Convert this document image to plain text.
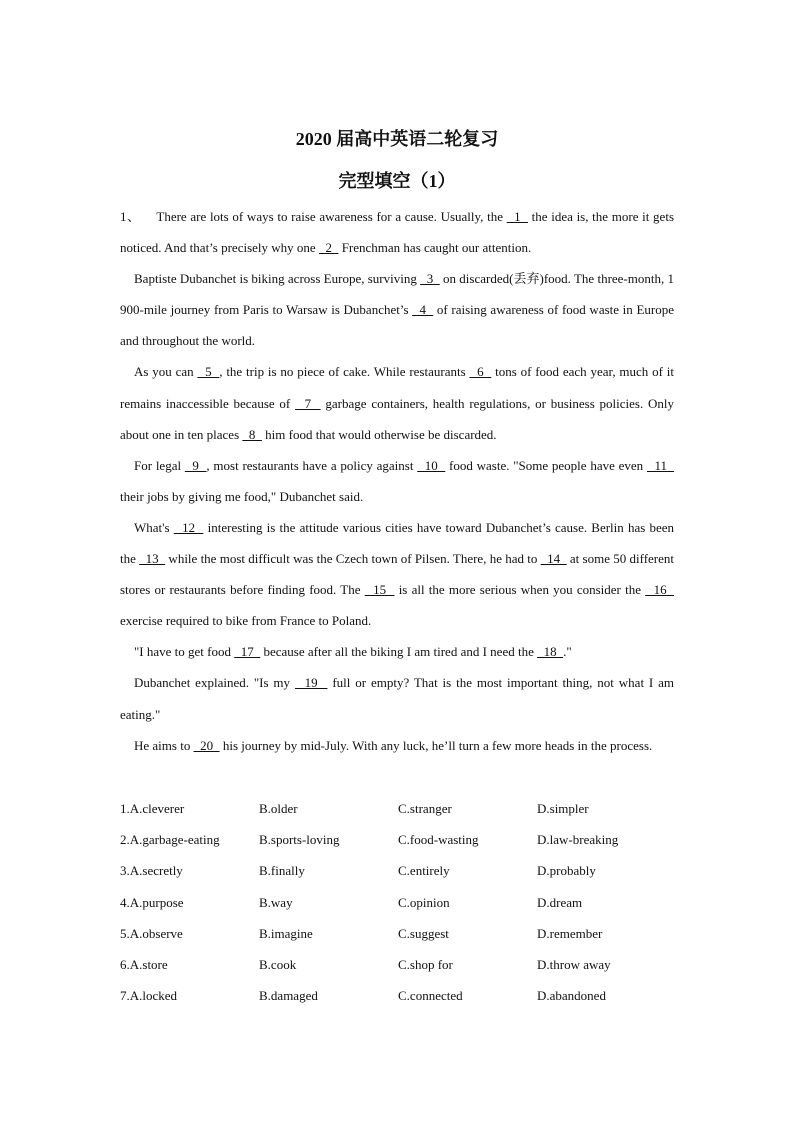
2020 届高中英语二轮复习
完型填空（1）

1、 There are lots of ways to raise awareness for a cause. Usually, the   1   the idea is, the more it gets noticed. And that’s precisely why one   2   Frenchman has caught our attention.

Baptiste Dubanchet is biking across Europe, surviving   3   on discarded(丢弃)food. The three-month, 1 900-mile journey from Paris to Warsaw is Dubanchet’s   4   of raising awareness of food waste in Europe and throughout the world.

As you can   5  , the trip is no piece of cake. While restaurants   6   tons of food each year, much of it remains inaccessible because of   7   garbage containers, health regulations, or business policies. Only about one in ten places   8   him food that would otherwise be discarded.

For legal   9  , most restaurants have a policy against   10   food waste. "Some people have even   11   their jobs by giving me food," Dubanchet said.

What's   12   interesting is the attitude various cities have toward Dubanchet’s cause. Berlin has been the   13   while the most difficult was the Czech town of Pilsen. There, he had to   14   at some 50 different stores or restaurants before finding food. The   15   is all the more serious when you consider the   16   exercise required to bike from France to Poland.

"I have to get food   17   because after all the biking I am tired and I need the   18  ."

Dubanchet explained. "Is my   19   full or empty? That is the most important thing, not what I am eating."

He aims to   20   his journey by mid-July. With any luck, he’ll turn a few more heads in the process.

1.A.cleverer	B.older	C.stranger	D.simpler
2.A.garbage-eating	B.sports-loving	C.food-wasting	D.law-breaking
3.A.secretly	B.finally	C.entirely	D.probably
4.A.purpose	B.way	C.opinion	D.dream
5.A.observe	B.imagine	C.suggest	D.remember
6.A.store	B.cook	C.shop for	D.throw away
7.A.locked	B.damaged	C.connected	D.abandoned
